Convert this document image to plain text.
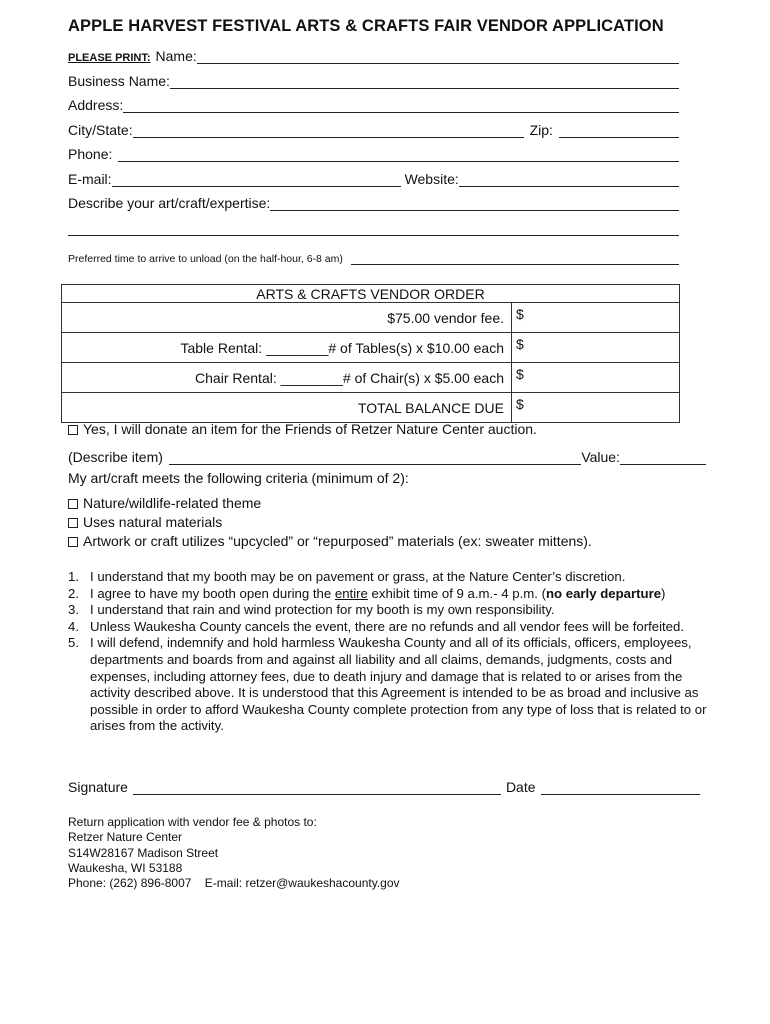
APPLE HARVEST FESTIVAL ARTS & CRAFTS FAIR VENDOR APPLICATION
PLEASE PRINT: Name:
Business Name:
Address:
City/State:	Zip:
Phone:
E-mail:	Website:
Describe your art/craft/expertise:
Preferred time to arrive to unload (on the half-hour, 6-8 am)
ARTS & CRAFTS VENDOR ORDER	
$75.00 vendor fee.	$
Table Rental: ________# of Tables(s) x $10.00 each	$
Chair Rental: ________# of Chair(s) x $5.00 each	$
TOTAL BALANCE DUE	$
Yes, I will donate an item for the Friends of Retzer Nature Center auction.
(Describe item)	Value:
My art/craft meets the following criteria (minimum of 2):
Nature/wildlife-related theme
Uses natural materials
Artwork or craft utilizes “upcycled” or “repurposed” materials (ex: sweater mittens).
1. I understand that my booth may be on pavement or grass, at the Nature Center’s discretion.
2. I agree to have my booth open during the entire exhibit time of 9 a.m.- 4 p.m. (no early departure)
3. I understand that rain and wind protection for my booth is my own responsibility.
4. Unless Waukesha County cancels the event, there are no refunds and all vendor fees will be forfeited.
5. I will defend, indemnify and hold harmless Waukesha County and all of its officials, officers, employees, departments and boards from and against all liability and all claims, demands, judgments, costs and expenses, including attorney fees, due to death injury and damage that is related to or arises from the activity described above. It is understood that this Agreement is intended to be as broad and inclusive as possible in order to afford Waukesha County complete protection from any type of loss that is related to or arises from the activity.
Signature	Date
Return application with vendor fee & photos to:
Retzer Nature Center
S14W28167 Madison Street
Waukesha, WI 53188
Phone: (262) 896-8007 E-mail: retzer@waukeshacounty.gov
